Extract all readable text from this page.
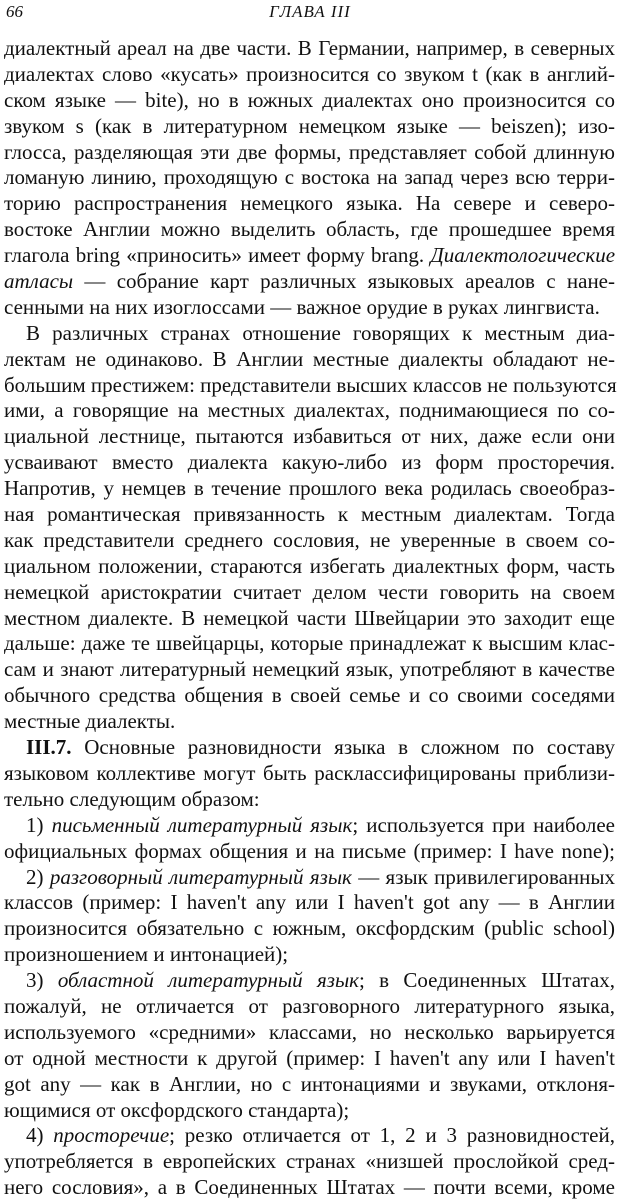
66	ГЛАВА III
диалектный ареал на две части. В Германии, например, в северных
диалектах слово «кусать» произносится со звуком t (как в англий-
ском языке — bite), но в южных диалектах оно произносится со
звуком s (как в литературном немецком языке — beiszen); изо-
глосса, разделяющая эти две формы, представляет собой длинную
ломаную линию, проходящую с востока на запад через всю терри-
торию распространения немецкого языка. На севере и северо-
востоке Англии можно выделить область, где прошедшее время
глагола bring «приносить» имеет форму brang. Диалектологические
атласы — собрание карт различных языковых ареалов с нане-
сенными на них изоглоссами — важное орудие в руках лингвиста.
В различных странах отношение говорящих к местным диа-
лектам не одинаково. В Англии местные диалекты обладают не-
большим престижем: представители высших классов не пользуются
ими, а говорящие на местных диалектах, поднимающиеся по со-
циальной лестнице, пытаются избавиться от них, даже если они
усваивают вместо диалекта какую-либо из форм просторечия.
Напротив, у немцев в течение прошлого века родилась своеобраз-
ная романтическая привязанность к местным диалектам. Тогда
как представители среднего сословия, не уверенные в своем со-
циальном положении, стараются избегать диалектных форм, часть
немецкой аристократии считает делом чести говорить на своем
местном диалекте. В немецкой части Швейцарии это заходит еще
дальше: даже те швейцарцы, которые принадлежат к высшим клас-
сам и знают литературный немецкий язык, употребляют в качестве
обычного средства общения в своей семье и со своими соседями
местные диалекты.
III.7. Основные разновидности языка в сложном по составу
языковом коллективе могут быть расклассифицированы приблизи-
тельно следующим образом:
1) письменный литературный язык; используется при наиболее
официальных формах общения и на письме (пример: I have none);
2) разговорный литературный язык — язык привилегированных
классов (пример: I haven't any или I haven't got any — в Англии
произносится обязательно с южным, оксфордским (public school)
произношением и интонацией);
3) областной литературный язык; в Соединенных Штатах,
пожалуй, не отличается от разговорного литературного языка,
используемого «средними» классами, но несколько варьируется
от одной местности к другой (пример: I haven't any или I haven't
got any — как в Англии, но с интонациями и звуками, отклоня-
ющимися от оксфордского стандарта);
4) просторечие; резко отличается от 1, 2 и 3 разновидностей,
употребляется в европейских странах «низшей прослойкой сред-
него сословия», а в Соединенных Штатах — почти всеми, кроме
